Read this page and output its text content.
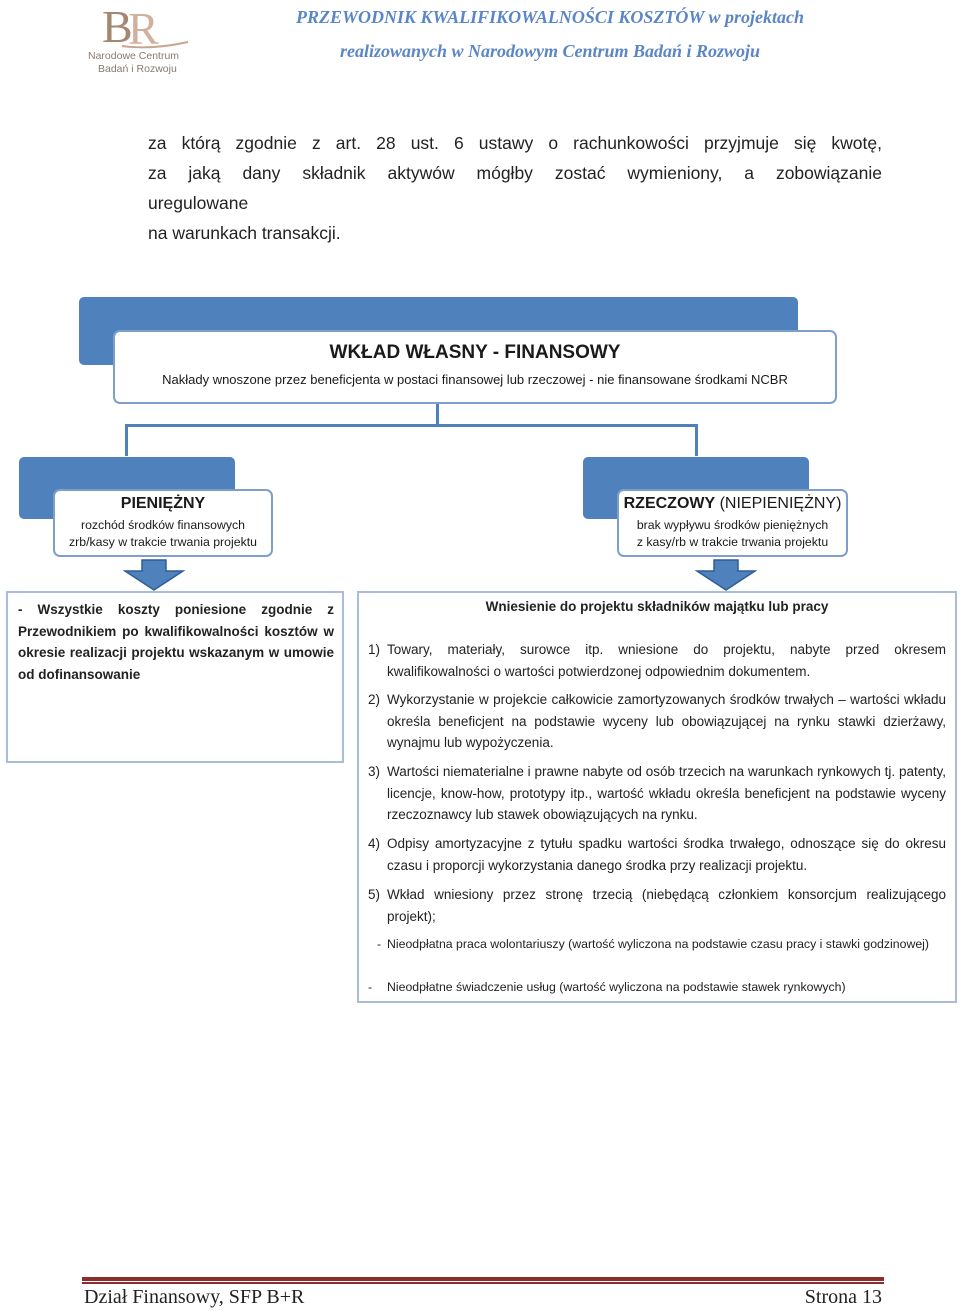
B
R
Narodowe Centrum
Badań i Rozwoju
PRZEWODNIK KWALIFIKOWALNOŚCI KOSZTÓW w projektach
realizowanych w Narodowym Centrum Badań i Rozwoju
za którą zgodnie z art. 28 ust. 6 ustawy o rachunkowości przyjmuje się kwotę,
za jaką dany składnik aktywów mógłby zostać wymieniony, a zobowiązanie
uregulowane
na warunkach transakcji.
WKŁAD WŁASNY - FINANSOWY
Nakłady wnoszone przez beneficjenta w postaci finansowej lub rzeczowej - nie finansowane środkami NCBR
PIENIĘŻNY
rozchód środków finansowych
zrb/kasy w trakcie trwania projektu
RZECZOWY (NIEPIENIĘŻNY)
brak wypływu środków pieniężnych
z kasy/rb w trakcie trwania projektu
- Wszystkie koszty poniesione zgodnie z Przewodnikiem po kwalifikowalności kosztów w okresie realizacji projektu wskazanym w umowie od dofinansowanie
Wniesienie do projektu składników majątku lub pracy
1) Towary, materiały, surowce itp. wniesione do projektu, nabyte przed okresem kwalifikowalności o wartości potwierdzonej odpowiednim dokumentem.
2) Wykorzystanie w projekcie całkowicie zamortyzowanych środków trwałych – wartości wkładu określa beneficjent na podstawie wyceny lub obowiązującej na rynku stawki dzierżawy, wynajmu lub wypożyczenia.
3) Wartości niematerialne i prawne nabyte od osób trzecich na warunkach rynkowych tj. patenty, licencje, know-how, prototypy itp., wartość wkładu określa beneficjent na podstawie wyceny rzeczoznawcy lub stawek obowiązujących na rynku.
4) Odpisy amortyzacyjne z tytułu spadku wartości środka trwałego, odnoszące się do okresu czasu i proporcji wykorzystania danego środka przy realizacji projektu.
5) Wkład wniesiony przez stronę trzecią (niebędącą członkiem konsorcjum realizującego projekt);
- Nieodpłatna praca wolontariuszy (wartość wyliczona na podstawie czasu pracy i stawki godzinowej)
- Nieodpłatne świadczenie usług (wartość wyliczona na podstawie stawek rynkowych)
Dział Finansowy, SFP B+R	Strona 13
